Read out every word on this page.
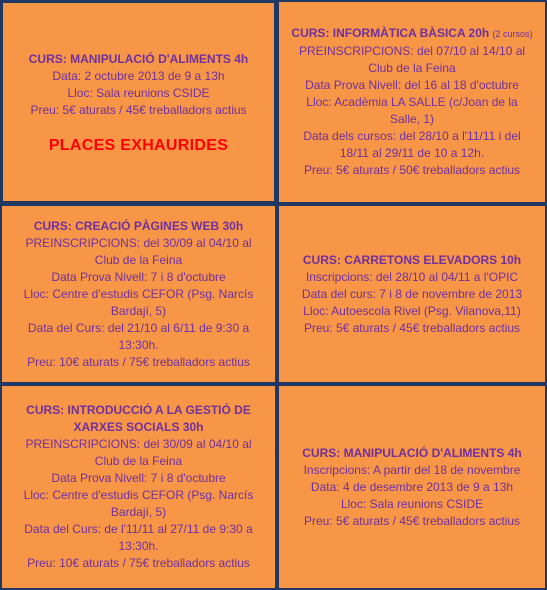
CURS: MANIPULACIÓ D'ALIMENTS 4h
Data: 2 octubre 2013 de 9 a 13h
Lloc: Sala reunions CSIDE
Preu: 5€ aturats / 45€ treballadors actius
PLACES EXHAURIDES
CURS: INFORMÀTICA BÀSICA 20h (2 cursos)
PREINSCRIPCIONS: del 07/10 al 14/10 al
Club de la Feina
Data Prova Nivell: del 16 al 18 d'octubre
Lloc: Acadèmia LA SALLE (c/Joan de la
Salle, 1)
Data dels cursos: del 28/10 a l'11/11 i del
18/11 al 29/11 de 10 a 12h.
Preu: 5€ aturats / 50€ treballadors actius
CURS: CREACIÓ PÀGINES WEB 30h
PREINSCRIPCIONS: del 30/09 al 04/10 al
Club de la Feina
Data Prova Nivell: 7 i 8 d'octubre
Lloc: Centre d'estudis CEFOR (Psg. Narcís
Bardají, 5)
Data del Curs: del 21/10 al 6/11 de 9:30 a
13:30h.
Preu: 10€ aturats / 75€ treballadors actius
CURS: CARRETONS ELEVADORS 10h
Inscripcions: del 28/10 al 04/11 a l'OPIC
Data del curs: 7 i 8 de novembre de 2013
Lloc: Autoescola Rivel (Psg. Vilanova,11)
Preu: 5€ aturats / 45€ treballadors actius
CURS: INTRODUCCIÓ A LA GESTIÓ DE
XARXES SOCIALS 30h
PREINSCRIPCIONS: del 30/09 al 04/10 al
Club de la Feina
Data Prova Nivell: 7 i 8 d'octubre
Lloc: Centre d'estudis CEFOR (Psg. Narcís
Bardají, 5)
Data del Curs: de l'11/11 al 27/11 de 9:30 a
13:30h.
Preu: 10€ aturats / 75€ treballadors actius
CURS: MANIPULACIÓ D'ALIMENTS 4h
Inscripcions: A partir del 18 de novembre
Data: 4 de desembre 2013 de 9 a 13h
Lloc: Sala reunions CSIDE
Preu: 5€ aturats / 45€ treballadors actius
